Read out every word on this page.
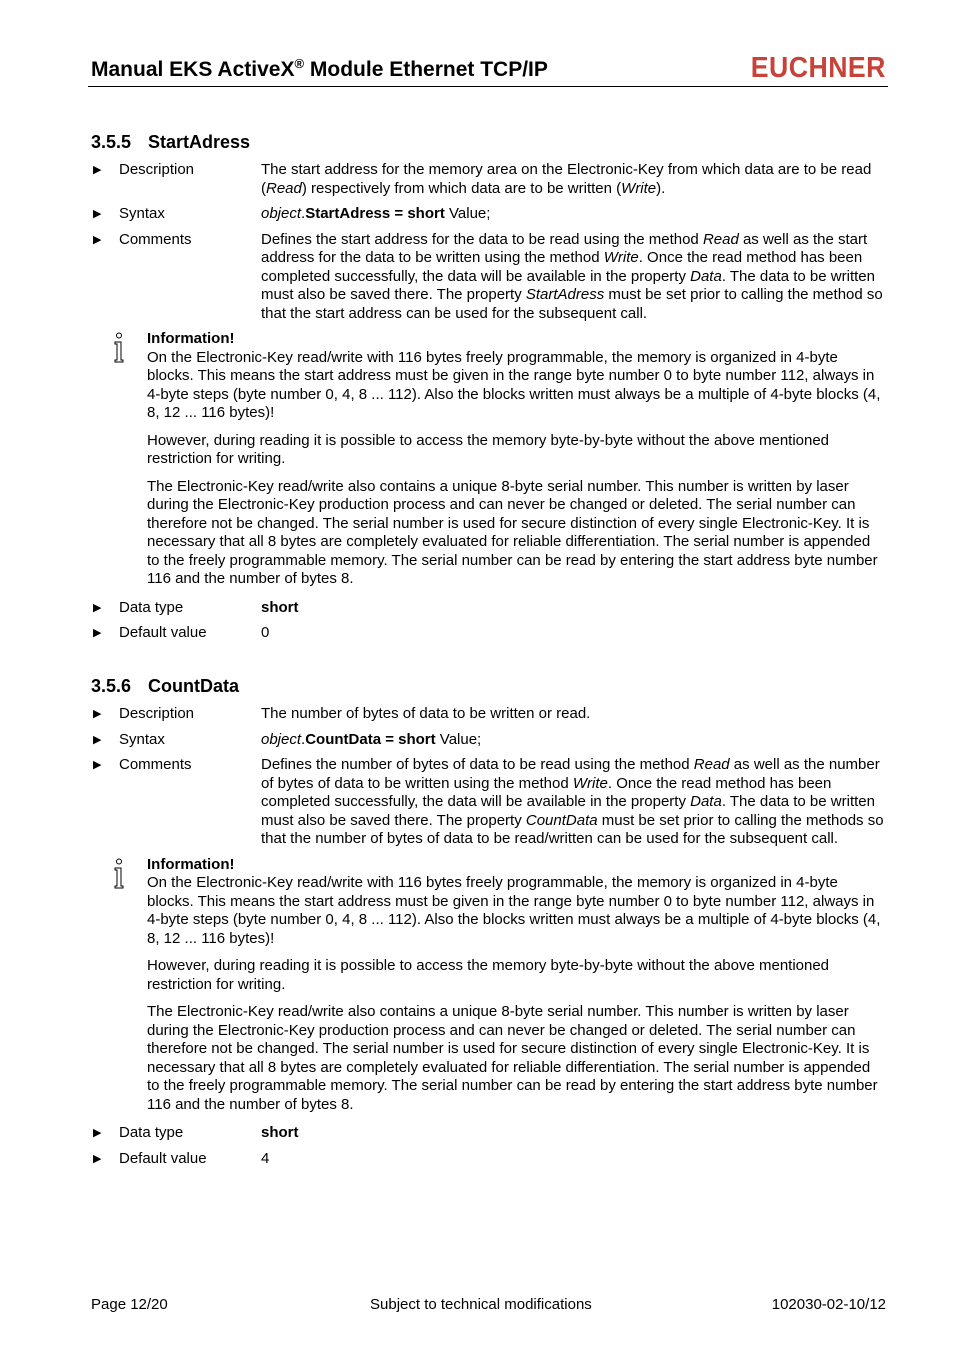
Manual EKS ActiveX® Module Ethernet TCP/IP	EUCHNER
3.5.5 StartAdress
▶ Description	The start address for the memory area on the Electronic-Key from which data are to be read (Read) respectively from which data are to be written (Write).
▶ Syntax	object.StartAdress = short Value;
▶ Comments	Defines the start address for the data to be read using the method Read as well as the start address for the data to be written using the method Write. Once the read method has been completed successfully, the data will be available in the property Data. The data to be written must also be saved there. The property StartAdress must be set prior to calling the method so that the start address can be used for the subsequent call.
Information!

On the Electronic-Key read/write with 116 bytes freely programmable, the memory is organized in 4-byte blocks. This means the start address must be given in the range byte number 0 to byte number 112, always in 4-byte steps (byte number 0, 4, 8 ... 112). Also the blocks written must always be a multiple of 4-byte blocks (4, 8, 12 ... 116 bytes)!

However, during reading it is possible to access the memory byte-by-byte without the above mentioned restriction for writing.

The Electronic-Key read/write also contains a unique 8-byte serial number. This number is written by laser during the Electronic-Key production process and can never be changed or deleted. The serial number can therefore not be changed. The serial number is used for secure distinction of every single Electronic-Key. It is necessary that all 8 bytes are completely evaluated for reliable differentiation. The serial number is appended to the freely programmable memory. The serial number can be read by entering the start address byte number 116 and the number of bytes 8.

▶ Data type	short
▶ Default value	0
3.5.6 CountData
▶ Description	The number of bytes of data to be written or read.
▶ Syntax	object.CountData = short Value;
▶ Comments	Defines the number of bytes of data to be read using the method Read as well as the number of bytes of data to be written using the method Write. Once the read method has been completed successfully, the data will be available in the property Data. The data to be written must also be saved there. The property CountData must be set prior to calling the methods so that the number of bytes of data to be read/written can be used for the subsequent call.
Information!

On the Electronic-Key read/write with 116 bytes freely programmable, the memory is organized in 4-byte blocks. This means the start address must be given in the range byte number 0 to byte number 112, always in 4-byte steps (byte number 0, 4, 8 ... 112). Also the blocks written must always be a multiple of 4-byte blocks (4, 8, 12 ... 116 bytes)!

However, during reading it is possible to access the memory byte-by-byte without the above mentioned restriction for writing.

The Electronic-Key read/write also contains a unique 8-byte serial number. This number is written by laser during the Electronic-Key production process and can never be changed or deleted. The serial number can therefore not be changed. The serial number is used for secure distinction of every single Electronic-Key. It is necessary that all 8 bytes are completely evaluated for reliable differentiation. The serial number is appended to the freely programmable memory. The serial number can be read by entering the start address byte number 116 and the number of bytes 8.

▶ Data type	short
▶ Default value	4
Page 12/20	Subject to technical modifications	102030-02-10/12
